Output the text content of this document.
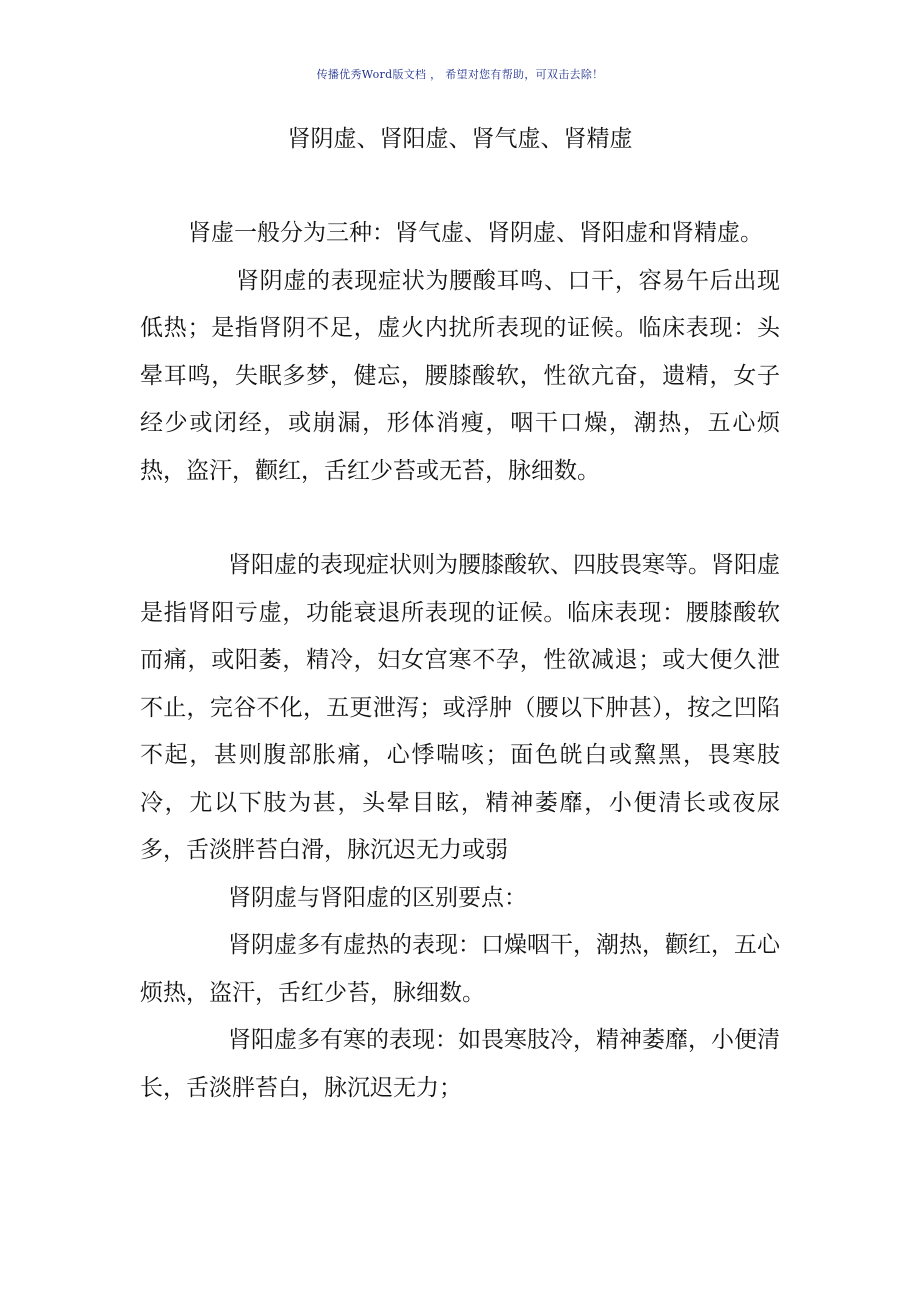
传播优秀Word版文档 ， 希望对您有帮助，可双击去除！
肾阴虚、肾阳虚、肾气虚、肾精虚

肾虚一般分为三种：肾气虚、肾阴虚、肾阳虚和肾精虚。

肾阴虚的表现症状为腰酸耳鸣、口干，容易午后出现低热；是指肾阴不足，虚火内扰所表现的证候。临床表现：头晕耳鸣，失眠多梦，健忘，腰膝酸软，性欲亢奋，遗精，女子经少或闭经，或崩漏，形体消瘦，咽干口燥，潮热，五心烦热，盗汗，颧红，舌红少苔或无苔，脉细数。

肾阳虚的表现症状则为腰膝酸软、四肢畏寒等。肾阳虚是指肾阳亏虚，功能衰退所表现的证候。临床表现：腰膝酸软而痛，或阳萎，精冷，妇女宫寒不孕，性欲减退；或大便久泄不止，完谷不化，五更泄泻；或浮肿（腰以下肿甚），按之凹陷不起，甚则腹部胀痛，心悸喘咳；面色㿠白或黧黑，畏寒肢冷，尤以下肢为甚，头晕目眩，精神萎靡，小便清长或夜尿多，舌淡胖苔白滑，脉沉迟无力或弱

肾阴虚与肾阳虚的区别要点：

肾阴虚多有虚热的表现：口燥咽干，潮热，颧红，五心烦热，盗汗，舌红少苔，脉细数。

肾阳虚多有寒的表现：如畏寒肢冷，精神萎靡，小便清长，舌淡胖苔白，脉沉迟无力；
